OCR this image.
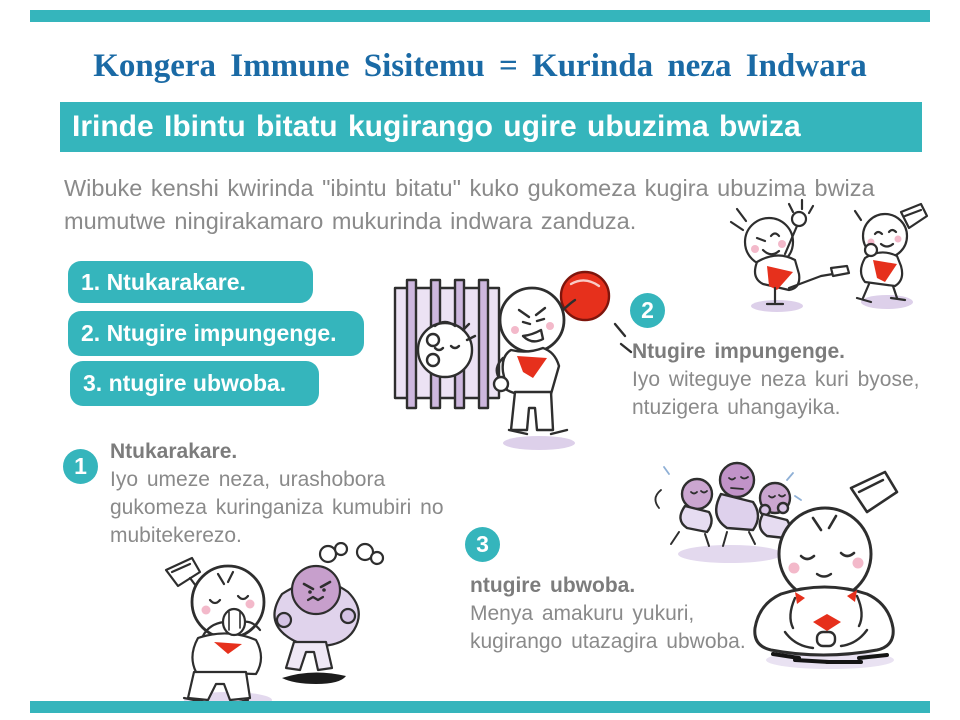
Kongera Immune Sisitemu = Kurinda neza Indwara
Irinde Ibintu bitatu kugirango ugire ubuzima bwiza
Wibuke kenshi kwirinda "ibintu bitatu" kuko gukomeza kugira ubuzima bwiza
mumutwe ningirakamaro mukurinda indwara zanduza.
1. Ntukarakare.
2. Ntugire impungenge.
3. ntugire ubwoba.
1
2
3
Ntukarakare.
Iyo umeze neza, urashobora
gukomeza kuringaniza kumubiri no
mubitekerezo.
Ntugire impungenge.
Iyo witeguye neza kuri byose,
ntuzigera uhangayika.
ntugire ubwoba.
Menya amakuru yukuri,
kugirango utazagira ubwoba.
